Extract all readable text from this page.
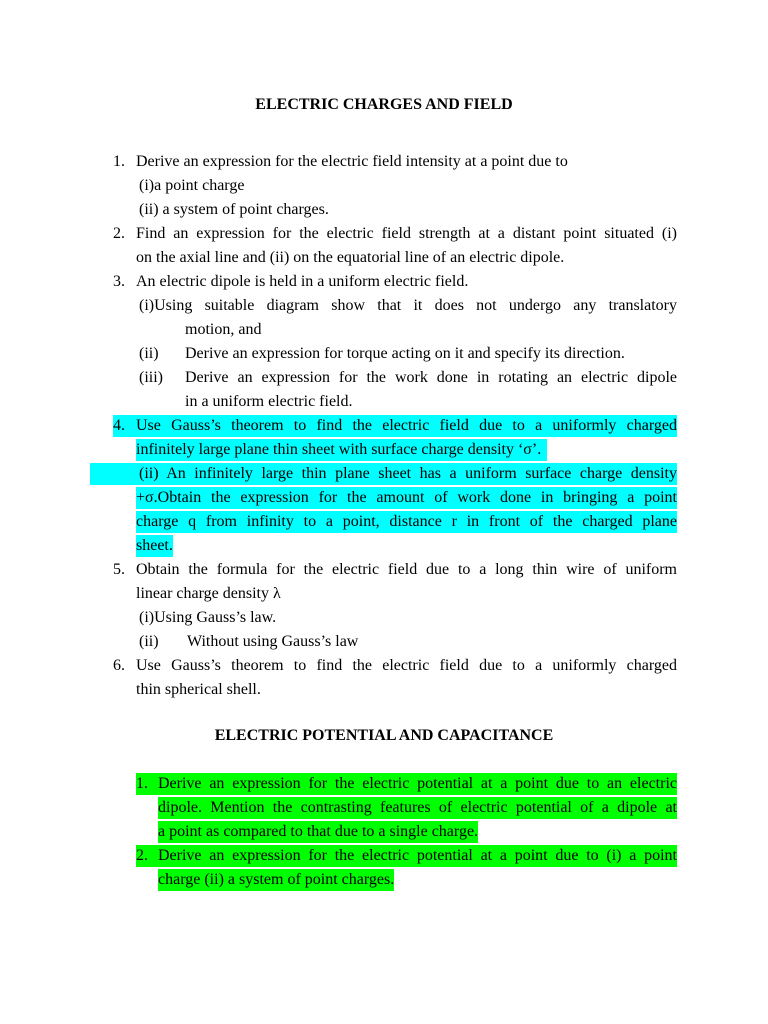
ELECTRIC CHARGES AND FIELD
1. Derive an expression for the electric field intensity at a point due to
(i)a point charge
(ii) a system of point charges.
2. Find an expression for the electric field strength at a distant point situated (i)
on the axial line and (ii) on the equatorial line of an electric dipole.
3. An electric dipole is held in a uniform electric field.
(i)Using suitable diagram show that it does not undergo any translatory
motion, and
(ii) Derive an expression for torque acting on it and specify its direction.
(iii) Derive an expression for the work done in rotating an electric dipole
in a uniform electric field.
4. Use Gauss’s theorem to find the electric field due to a uniformly charged
infinitely large plane thin sheet with surface charge density ‘σ’.
(ii) An infinitely large thin plane sheet has a uniform surface charge density
+σ.Obtain the expression for the amount of work done in bringing a point
charge q from infinity to a point, distance r in front of the charged plane
sheet.
5. Obtain the formula for the electric field due to a long thin wire of uniform
linear charge density λ
(i)Using Gauss’s law.
(ii) Without using Gauss’s law
6. Use Gauss’s theorem to find the electric field due to a uniformly charged
thin spherical shell.
ELECTRIC POTENTIAL AND CAPACITANCE
1. Derive an expression for the electric potential at a point due to an electric
dipole. Mention the contrasting features of electric potential of a dipole at
a point as compared to that due to a single charge.
2. Derive an expression for the electric potential at a point due to (i) a point
charge (ii) a system of point charges.
